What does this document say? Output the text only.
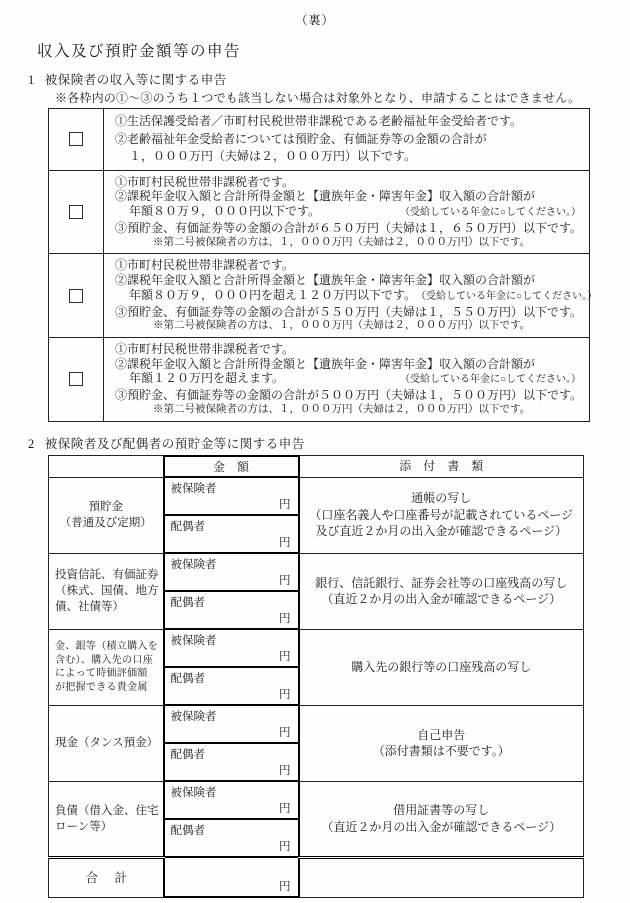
（裏）
収入及び預貯金額等の申告
1 被保険者の収入等に関する申告
※各枠内の①～③のうち１つでも該当しない場合は対象外となり、申請することはできません。
①生活保護受給者／市町村民税世帯非課税である老齢福祉年金受給者です。
②老齢福祉年金受給者については預貯金、有価証券等の金額の合計が
１，０００万円（夫婦は２，０００万円）以下です。
①市町村民税世帯非課税者です。
②課税年金収入額と合計所得金額と【遺族年金・障害年金】収入額の合計額が
年額８０万９，０００円以下です。	（受給している年金に○してください。）
③預貯金、有価証券等の金額の合計が６５０万円（夫婦は１，６５０万円）以下です。
※第二号被保険者の方は、１，０００万円（夫婦は２，０００万円）以下です。
①市町村民税世帯非課税者です。
②課税年金収入額と合計所得金額と【遺族年金・障害年金】収入額の合計額が
年額８０万９，０００円を超え１２０万円以下です。 （受給している年金に○してください。）
③預貯金、有価証券等の金額の合計が５５０万円（夫婦は１，５５０万円）以下です。
※第二号被保険者の方は、１，０００万円（夫婦は２，０００万円）以下です。
①市町村民税世帯非課税者です。
②課税年金収入額と合計所得金額と【遺族年金・障害年金】収入額の合計額が
年額１２０万円を超えます。	（受給している年金に○してください。）
③預貯金、有価証券等の金額の合計が５００万円（夫婦は１，５００万円）以下です。
※第二号被保険者の方は、１，０００万円（夫婦は２，０００万円）以下です。
2 被保険者及び配偶者の預貯金等に関する申告
	金　額	添　付　書　類
預貯金
（普通及び定期）	被保険者
円	通帳の写し
（口座名義人や口座番号が記載されているページ
及び直近２か月の出入金が確認できるページ）

	配偶者
円	

投資信託、有価証券
（株式、国債、地方
債、社債等）	被保険者
円	銀行、信託銀行、証券会社等の口座残高の写し
（直近２か月の出入金が確認できるページ）

	配偶者
円	

金、銀等（積立購入を
含む）、購入先の口座
によって時価評価額
が把握できる貴金属	被保険者
円	購入先の銀行等の口座残高の写し

	配偶者
円	

現金（タンス預金）	被保険者
円	自己申告
（添付書類は不要です。）

	配偶者
円	

負債（借入金、住宅
ローン等）	被保険者
円	借用証書等の写し
（直近２か月の出入金が確認できるページ）

	配偶者
円	

合　計	円	
